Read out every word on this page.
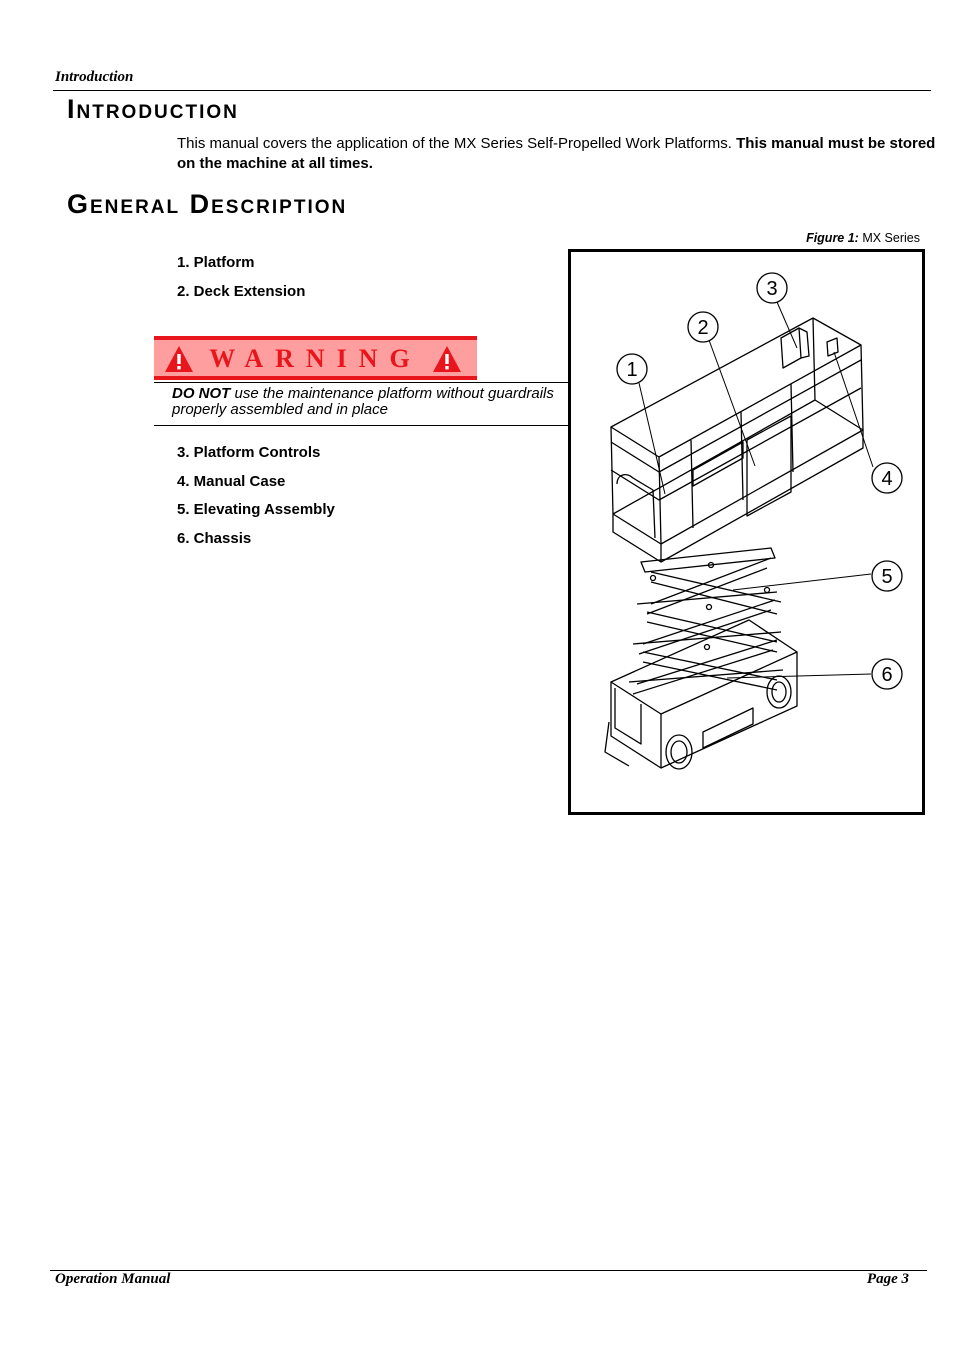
Introduction
Introduction
This manual covers the application of the MX Series Self-Propelled Work Platforms. This manual must be stored on the machine at all times.
General Description
Figure 1: MX Series
1. Platform
2. Deck Extension
WARNING
DO NOT use the maintenance platform without guardrails properly assembled and in place
3. Platform Controls
4. Manual Case
5. Elevating Assembly
6. Chassis
1
2
3
4
5
6
Operation Manual	Page 3
